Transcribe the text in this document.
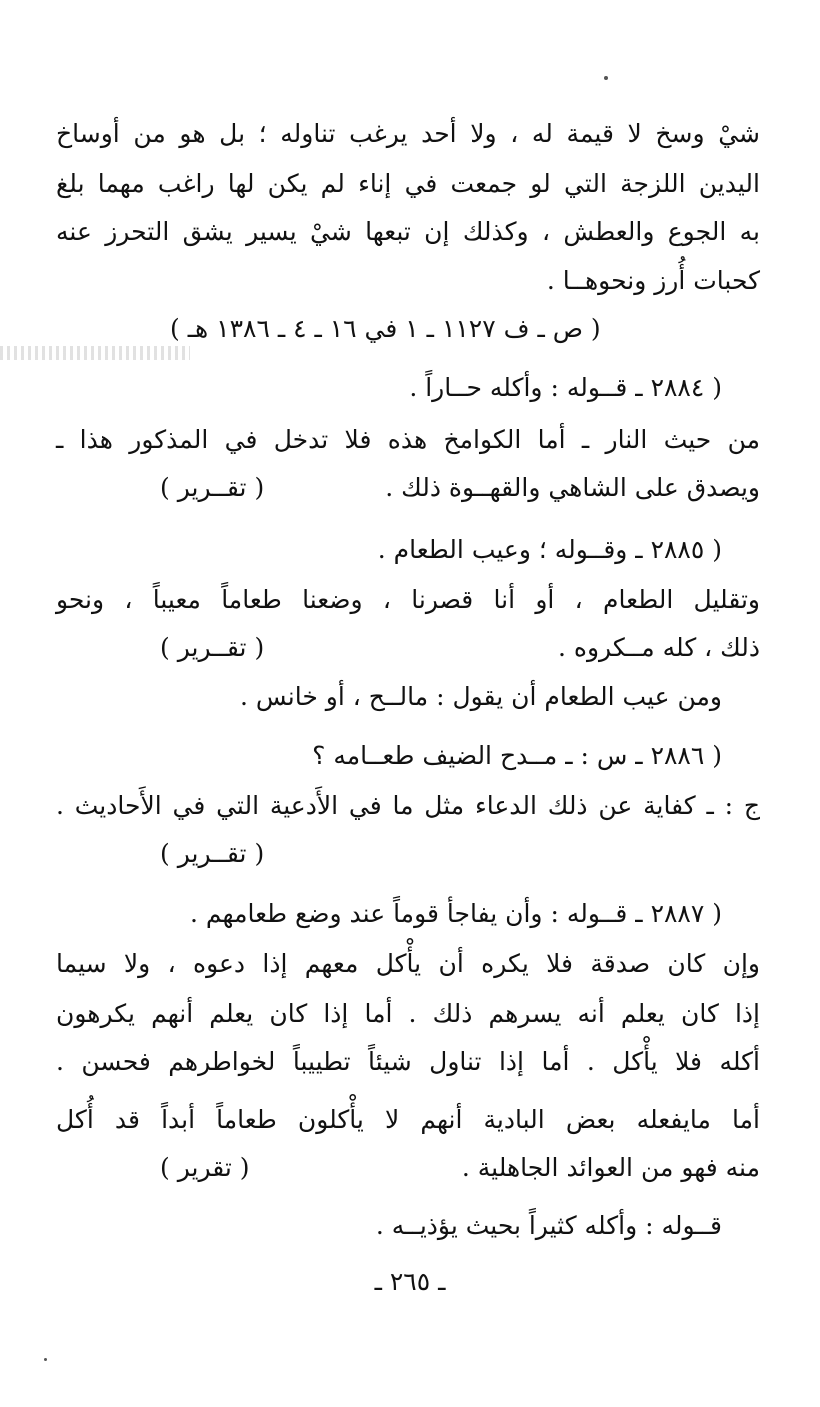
شيْ وسخ لا قيمة له ، ولا أحد يرغب تناوله ؛ بل هو من أوساخ
اليدين اللزجة التي لو جمعت في إناء لم يكن لها راغب مهما بلغ
به الجوع والعطش ، وكذلك إن تبعها شيْ يسير يشق التحرز عنه
كحبات أُرز ونحوهــا .
( ص ـ ف ١١٢٧ ـ ١ في ١٦ ـ ٤ ـ ١٣٨٦ هـ )
( ٢٨٨٤ ـ قــوله : وأكله حــاراً .
من حيث النار ـ أما الكوامخ هذه فلا تدخل في المذكور هذا ـ
ويصدق على الشاهي والقهــوة ذلك .
( تقــرير )
( ٢٨٨٥ ـ وقــوله ؛ وعيب الطعام .
وتقليل الطعام ، أو أنا قصرنا ، وضعنا طعاماً معيباً ، ونحو
ذلك ، كله مــكروه .
( تقــرير )
ومن عيب الطعام أن يقول : مالــح ، أو خانس .
( ٢٨٨٦ ـ س : ـ مــدح الضيف طعــامه ؟
ج : ـ كفاية عن ذلك الدعاء مثل ما في الأَدعية التي في الأَحاديث .
( تقــرير )
( ٢٨٨٧ ـ قــوله : وأن يفاجأ قوماً عند وضع طعامهم .
وإن كان صدقة فلا يكره أن يأْكل معهم إذا دعوه ، ولا سيما
إذا كان يعلم أنه يسرهم ذلك . أما إذا كان يعلم أنهم يكرهون
أكله فلا يأْكل . أما إذا تناول شيئاً تطييباً لخواطرهم فحسن .
أما مايفعله بعض البادية أنهم لا يأْكلون طعاماً أبداً قد أُكل
منه فهو من العوائد الجاهلية .
( تقرير )
قــوله : وأكله كثيراً بحيث يؤذيــه .
ـ ٢٦٥ ـ
